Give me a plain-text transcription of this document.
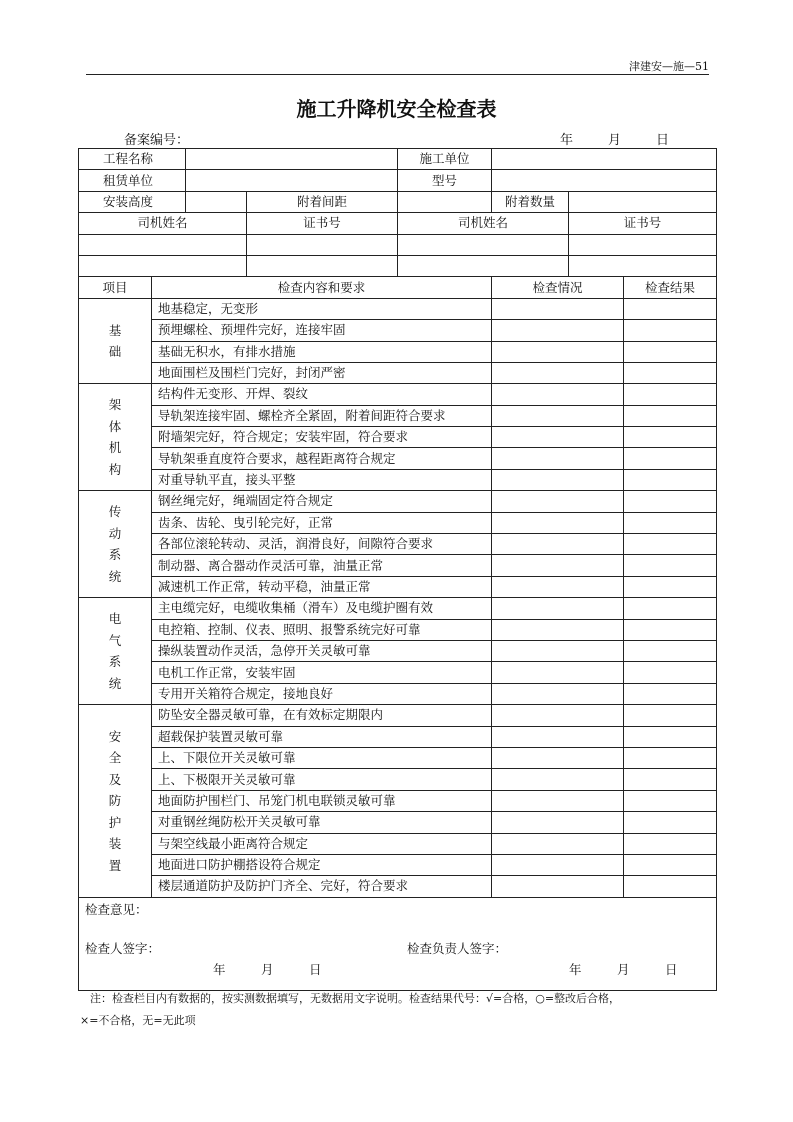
津建安—施—51
施工升降机安全检查表
备案编号：	年	月	日
工程名称				施工单位			
租赁单位				型号			
安装高度			附着间距		附着数量		
司机姓名			证书号	司机姓名		证书号	

项目	检查内容和要求				检查情况		检查结果

基础	地基稳定，无变形						
	预埋螺栓、预埋件完好，连接牢固						
	基础无积水，有排水措施						
	地面围栏及围栏门完好，封闭严密						

架体机构	结构件无变形、开焊、裂纹						
	导轨架连接牢固、螺栓齐全紧固，附着间距符合要求						
	附墙架完好，符合规定；安装牢固，符合要求						
	导轨架垂直度符合要求，越程距离符合规定						
	对重导轨平直，接头平整						

传动系统	钢丝绳完好，绳端固定符合规定						
	齿条、齿轮、曳引轮完好，正常						
	各部位滚轮转动、灵活，润滑良好，间隙符合要求						
	制动器、离合器动作灵活可靠，油量正常						
	减速机工作正常，转动平稳，油量正常						

电气系统	主电缆完好，电缆收集桶（滑车）及电缆护圈有效						
	电控箱、控制、仪表、照明、报警系统完好可靠						
	操纵装置动作灵活，急停开关灵敏可靠						
	电机工作正常，安装牢固						
	专用开关箱符合规定，接地良好						

安全及防护装置	防坠安全器灵敏可靠，在有效标定期限内						
	超载保护装置灵敏可靠						
	上、下限位开关灵敏可靠						
	上、下极限开关灵敏可靠						
	地面防护围栏门、吊笼门机电联锁灵敏可靠						
	对重钢丝绳防松开关灵敏可靠						
	与架空线最小距离符合规定						
	地面进口防护棚搭设符合规定						
	楼层通道防护及防护门齐全、完好，符合要求						

检查意见：
检查人签字： 检查负责人签字：
年 月 日 年 月 日							
注：检查栏目内有数据的，按实测数据填写，无数据用文字说明。检查结果代号：√=合格，○=整改后合格，
×=不合格，无=无此项
